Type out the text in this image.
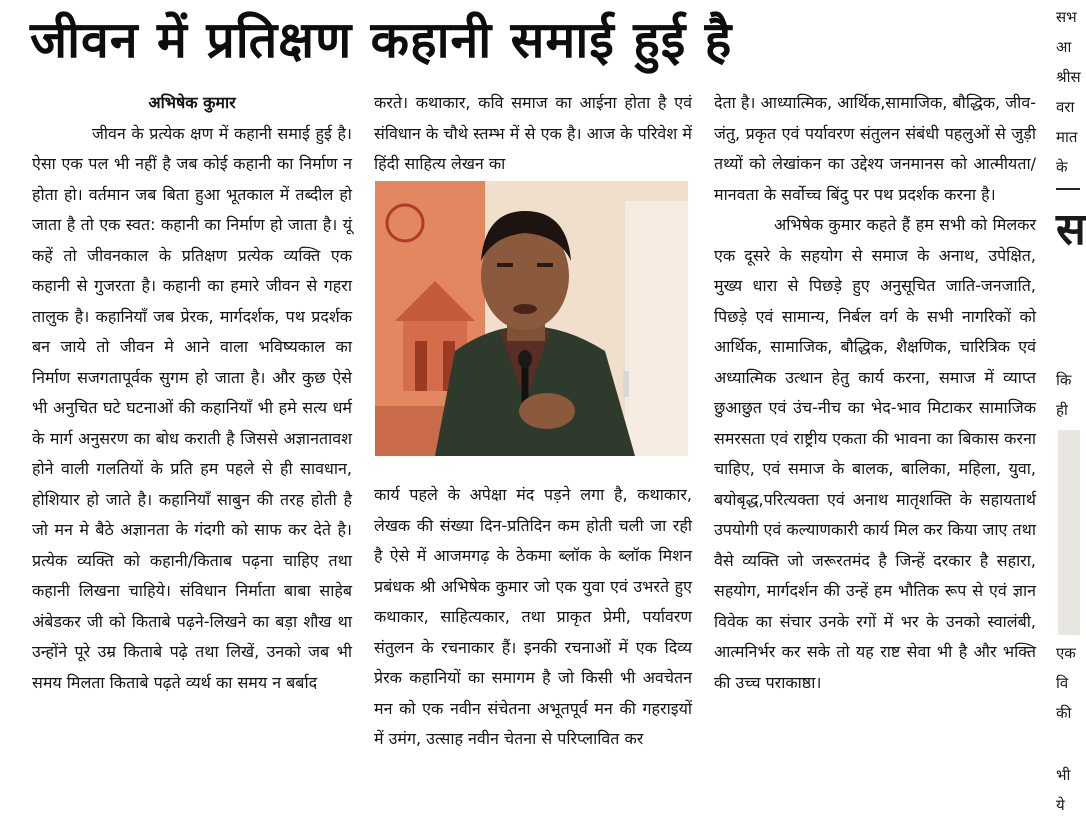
जीवन में प्रतिक्षण कहानी समाई हुई है
अभिषेक कुमार

जीवन के प्रत्येक क्षण में कहानी समाई हुई है। ऐसा एक पल भी नहीं है जब कोई कहानी का निर्माण न होता हो। वर्तमान जब बिता हुआ भूतकाल में तब्दील हो जाता है तो एक स्वत: कहानी का निर्माण हो जाता है। यूं कहें तो जीवनकाल के प्रतिक्षण प्रत्येक व्यक्ति एक कहानी से गुजरता है। कहानी का हमारे जीवन से गहरा तालुक है। कहानियाँ जब प्रेरक, मार्गदर्शक, पथ प्रदर्शक बन जाये तो जीवन मे आने वाला भविष्यकाल का निर्माण सजगतापूर्वक सुगम हो जाता है। और कुछ ऐसे भी अनुचित घटे घटनाओं की कहानियाँ भी हमे सत्य धर्म के मार्ग अनुसरण का बोध कराती है जिससे अज्ञानतावश होने वाली गलतियों के प्रति हम पहले से ही सावधान, होशियार हो जाते है। कहानियाँ साबुन की तरह होती है जो मन मे बैठे अज्ञानता के गंदगी को साफ कर देते है। प्रत्येक व्यक्ति को कहानी/किताब पढ़ना चाहिए तथा कहानी लिखना चाहिये। संविधान निर्माता बाबा साहेब अंबेडकर जी को किताबे पढ़ने-लिखने का बड़ा शौख था उन्होंने पूरे उम्र किताबे पढ़े तथा लिखें, उनको जब भी समय मिलता किताबे पढ़ते व्यर्थ का समय न बर्बाद

करते। कथाकार, कवि समाज का आईना होता है एवं संविधान के चौथे स्तम्भ में से एक है। आज के परिवेश में हिंदी साहित्य लेखन का

कार्य पहले के अपेक्षा मंद पड़ने लगा है, कथाकार, लेखक की संख्या दिन-प्रतिदिन कम होती चली जा रही है ऐसे में आजमगढ़ के ठेकमा ब्लॉक के ब्लॉक मिशन प्रबंधक श्री अभिषेक कुमार जो एक युवा एवं उभरते हुए कथाकार, साहित्यकार, तथा प्राकृत प्रेमी, पर्यावरण संतुलन के रचनाकार हैं। इनकी रचनाओं में एक दिव्य प्रेरक कहानियों का समागम है जो किसी भी अवचेतन मन को एक नवीन संचेतना अभूतपूर्व मन की गहराइयों में उमंग, उत्साह नवीन चेतना से परिप्लावित कर

देता है। आध्यात्मिक, आर्थिक,सामाजिक, बौद्धिक, जीव-जंतु, प्रकृत एवं पर्यावरण संतुलन संबंधी पहलुओं से जुड़ी तथ्यों को लेखांकन का उद्देश्य जनमानस को आत्मीयता/मानवता के सर्वोच्च बिंदु पर पथ प्रदर्शक करना है।

अभिषेक कुमार कहते हैं हम सभी को मिलकर एक दूसरे के सहयोग से समाज के अनाथ, उपेक्षित, मुख्य धारा से पिछड़े हुए अनुसूचित जाति-जनजाति, पिछड़े एवं सामान्य, निर्बल वर्ग के सभी नागरिकों को आर्थिक, सामाजिक, बौद्धिक, शैक्षणिक, चारित्रिक एवं अध्यात्मिक उत्थान हेतु कार्य करना, समाज में व्याप्त छुआछुत एवं उंच-नीच का भेद-भाव मिटाकर सामाजिक समरसता एवं राष्ट्रीय एकता की भावना का बिकास करना चाहिए, एवं समाज के बालक, बालिका, महिला, युवा, बयोबृद्ध,परित्यक्ता एवं अनाथ मातृशक्ति के सहायतार्थ उपयोगी एवं कल्याणकारी कार्य मिल कर किया जाए तथा वैसे व्यक्ति जो जरूरतमंद है जिन्हें दरकार है सहारा, सहयोग, मार्गदर्शन की उन्हें हम भौतिक रूप से एवं ज्ञान विवेक का संचार उनके रगों में भर के उनको स्वालंबी, आत्मनिर्भर कर सके तो यह राष्ट सेवा भी है और भक्ति की उच्च पराकाष्ठा।

सभ
आ
श्रीस
वरा
मात
के
स
कि
ही
एक
वि
की
भी
ये
